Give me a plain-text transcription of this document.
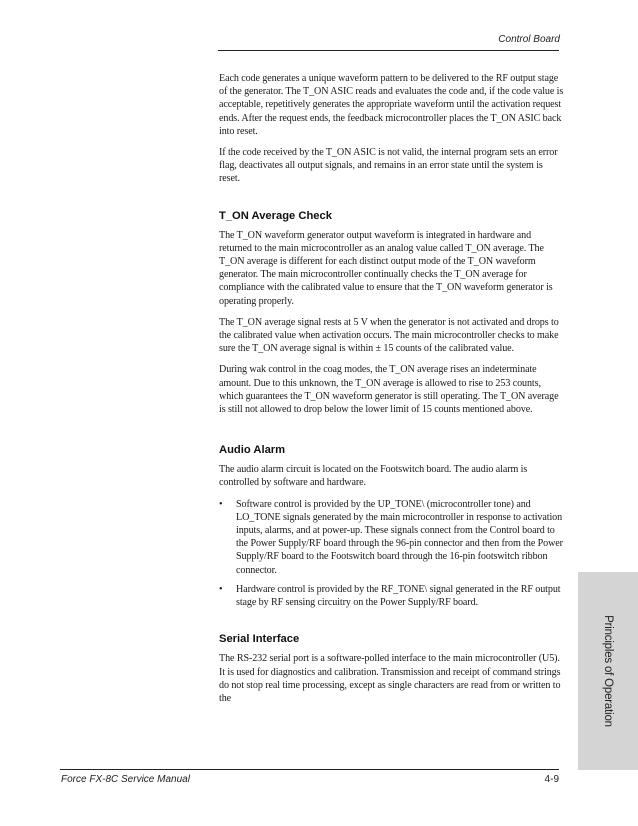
Control Board

Each code generates a unique waveform pattern to be delivered to the RF output stage of the generator. The T_ON ASIC reads and evaluates the code and, if the code value is acceptable, repetitively generates the appropriate waveform until the activation request ends. After the request ends, the feedback microcontroller places the T_ON ASIC back into reset.

If the code received by the T_ON ASIC is not valid, the internal program sets an error flag, deactivates all output signals, and remains in an error state until the system is reset.

T_ON Average Check

The T_ON waveform generator output waveform is integrated in hardware and returned to the main microcontroller as an analog value called T_ON average. The T_ON average is different for each distinct output mode of the T_ON waveform generator. The main microcontroller continually checks the T_ON average for compliance with the calibrated value to ensure that the T_ON waveform generator is operating properly.

The T_ON average signal rests at 5 V when the generator is not activated and drops to the calibrated value when activation occurs. The main microcontroller checks to make sure the T_ON average signal is within ± 15 counts of the calibrated value.

During wak control in the coag modes, the T_ON average rises an indeterminate amount. Due to this unknown, the T_ON average is allowed to rise to 253 counts, which guarantees the T_ON waveform generator is still operating. The T_ON average is still not allowed to drop below the lower limit of 15 counts mentioned above.

Audio Alarm

The audio alarm circuit is located on the Footswitch board. The audio alarm is controlled by software and hardware.

• Software control is provided by the UP_TONE\ (microcontroller tone) and LO_TONE signals generated by the main microcontroller in response to activation inputs, alarms, and at power-up. These signals connect from the Control board to the Power Supply/RF board through the 96-pin connector and then from the Power Supply/RF board to the Footswitch board through the 16-pin footswitch ribbon connector.
• Hardware control is provided by the RF_TONE\ signal generated in the RF output stage by RF sensing circuitry on the Power Supply/RF board.
Serial Interface

The RS-232 serial port is a software-polled interface to the main microcontroller (U5). It is used for diagnostics and calibration. Transmission and receipt of command strings do not stop real time processing, except as single characters are read from or written to the	Principles of Operation
Force FX-8C Service Manual	4-9
